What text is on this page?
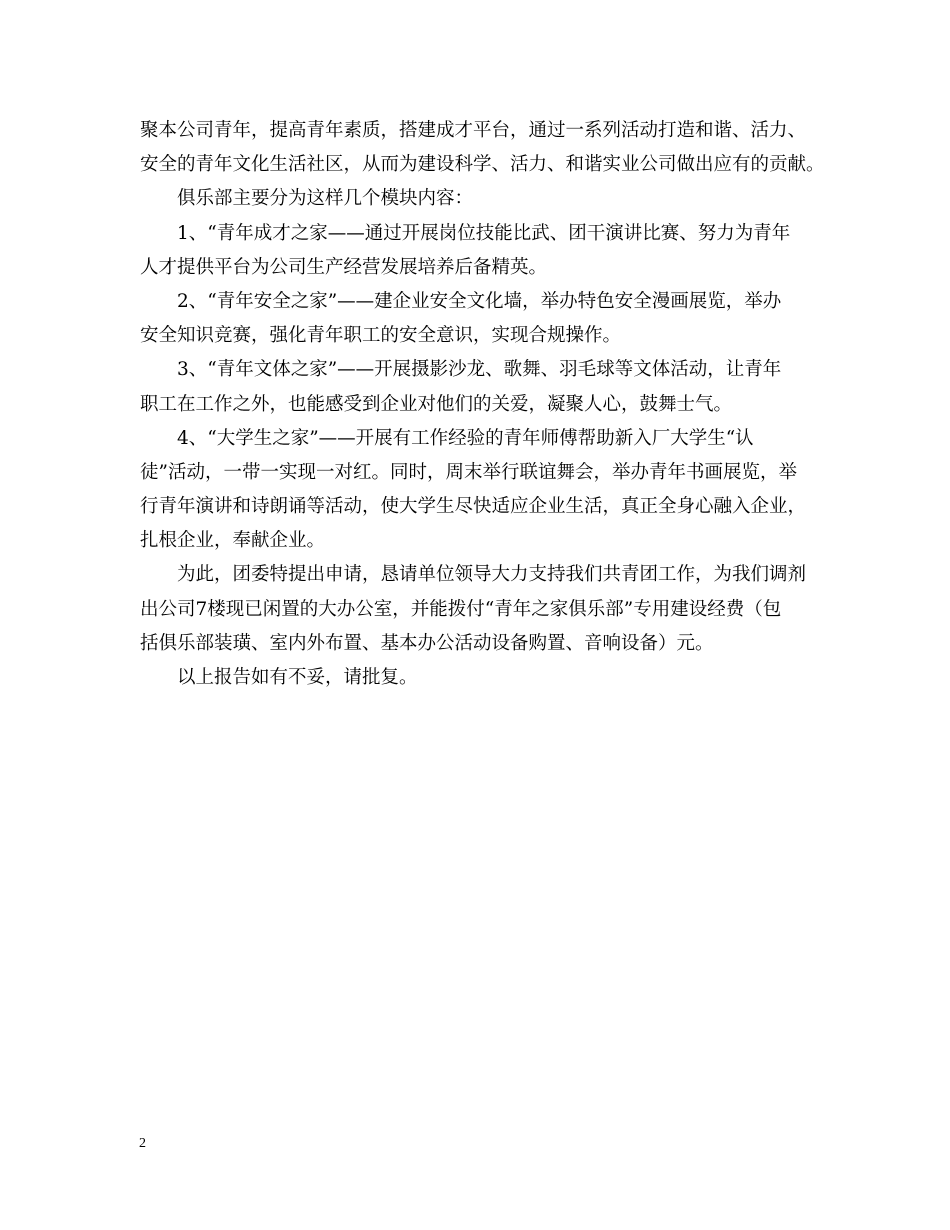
聚本公司青年，提高青年素质，搭建成才平台，通过一系列活动打造和谐、活力、
安全的青年文化生活社区，从而为建设科学、活力、和谐实业公司做出应有的贡献。
俱乐部主要分为这样几个模块内容：
1、“青年成才之家——通过开展岗位技能比武、团干演讲比赛、努力为青年
人才提供平台为公司生产经营发展培养后备精英。
2、“青年安全之家”——建企业安全文化墙，举办特色安全漫画展览，举办
安全知识竞赛，强化青年职工的安全意识，实现合规操作。
3、“青年文体之家”——开展摄影沙龙、歌舞、羽毛球等文体活动，让青年
职工在工作之外，也能感受到企业对他们的关爱，凝聚人心，鼓舞士气。
4、“大学生之家”——开展有工作经验的青年师傅帮助新入厂大学生“认
徒”活动，一带一实现一对红。同时，周末举行联谊舞会，举办青年书画展览，举
行青年演讲和诗朗诵等活动，使大学生尽快适应企业生活，真正全身心融入企业，
扎根企业，奉献企业。
为此，团委特提出申请，恳请单位领导大力支持我们共青团工作，为我们调剂
出公司7楼现已闲置的大办公室，并能拨付“青年之家俱乐部”专用建设经费（包
括俱乐部装璜、室内外布置、基本办公活动设备购置、音响设备）元。
以上报告如有不妥，请批复。
2
